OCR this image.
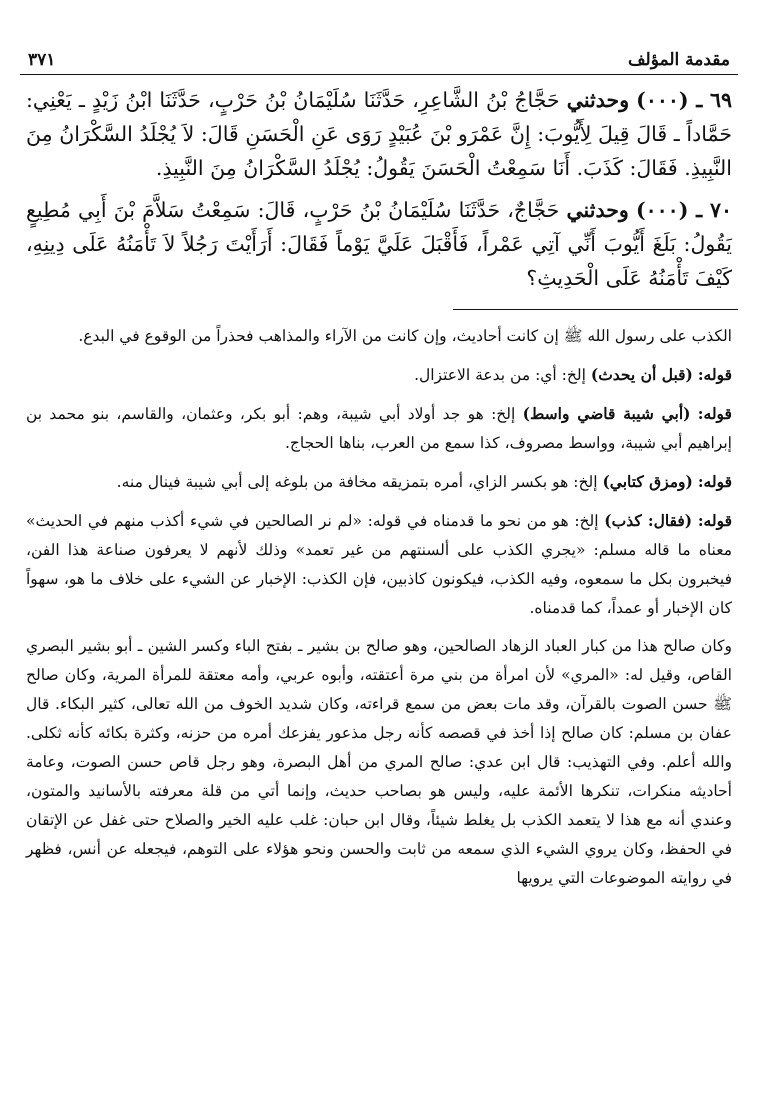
مقدمة المؤلف
٣٧١

٦٩ ـ (٠٠٠) وحدثني حَجَّاجُ بْنُ الشَّاعِرِ، حَدَّثَنَا سُلَيْمَانُ بْنُ حَرْبٍ، حَدَّثَنَا ابْنُ زَيْدٍ ـ يَعْنِي: حَمَّاداً ـ قَالَ قِيلَ لِأَيُّوبَ: إِنَّ عَمْرَو بْنَ عُبَيْدٍ رَوَى عَنِ الْحَسَنِ قَالَ: لاَ يُجْلَدُ السَّكْرَانُ مِنَ النَّبِيذِ. فَقَالَ: كَذَبَ. أَنَا سَمِعْتُ الْحَسَنَ يَقُولُ: يُجْلَدُ السَّكْرَانُ مِنَ النَّبِيذِ.

٧٠ ـ (٠٠٠) وحدثني حَجَّاجٌ، حَدَّثَنَا سُلَيْمَانُ بْنُ حَرْبٍ، قَالَ: سَمِعْتُ سَلاَّمَ بْنَ أَبِي مُطِيعٍ يَقُولُ: بَلَغَ أَيُّوبَ أَنِّي آتِي عَمْراً، فَأَقْبَلَ عَلَيَّ يَوْماً فَقَالَ: أَرَأَيْتَ رَجُلاً لاَ تَأْمَنُهُ عَلَى دِينِهِ، كَيْفَ تَأْمَنُهُ عَلَى الْحَدِيثِ؟

الكذب على رسول الله ﷺ إن كانت أحاديث، وإن كانت من الآراء والمذاهب فحذراً من الوقوع في البدع.

قوله: (قبل أن يحدث) إلخ: أي: من بدعة الاعتزال.

قوله: (أبي شيبة قاضي واسط) إلخ: هو جد أولاد أبي شيبة، وهم: أبو بكر، وعثمان، والقاسم، بنو محمد بن إبراهيم أبي شيبة، وواسط مصروف، كذا سمع من العرب، بناها الحجاج.

قوله: (ومزق كتابي) إلخ: هو بكسر الزاي، أمره بتمزيقه مخافة من بلوغه إلى أبي شيبة فينال منه.

قوله: (فقال: كذب) إلخ: هو من نحو ما قدمناه في قوله: «لم نر الصالحين في شيء أكذب منهم في الحديث» معناه ما قاله مسلم: «يجري الكذب على ألسنتهم من غير تعمد» وذلك لأنهم لا يعرفون صناعة هذا الفن، فيخبرون بكل ما سمعوه، وفيه الكذب، فيكونون كاذبين، فإن الكذب: الإخبار عن الشيء على خلاف ما هو، سهواً كان الإخبار أو عمداً، كما قدمناه.

وكان صالح هذا من كبار العباد الزهاد الصالحين، وهو صالح بن بشير ـ بفتح الباء وكسر الشين ـ أبو بشير البصري القاص، وقيل له: «المري» لأن امرأة من بني مرة أعتقته، وأبوه عربي، وأمه معتقة للمرأة المرية، وكان صالح ﷺ حسن الصوت بالقرآن، وقد مات بعض من سمع قراءته، وكان شديد الخوف من الله تعالى، كثير البكاء. قال عفان بن مسلم: كان صالح إذا أخذ في قصصه كأنه رجل مذعور يفزعك أمره من حزنه، وكثرة بكائه كأنه ثكلى. والله أعلم. وفي التهذيب: قال ابن عدي: صالح المري من أهل البصرة، وهو رجل قاص حسن الصوت، وعامة أحاديثه منكرات، تنكرها الأئمة عليه، وليس هو بصاحب حديث، وإنما أتي من قلة معرفته بالأسانيد والمتون، وعندي أنه مع هذا لا يتعمد الكذب بل يغلط شيئاً، وقال ابن حبان: غلب عليه الخير والصلاح حتى غفل عن الإتقان في الحفظ، وكان يروي الشيء الذي سمعه من ثابت والحسن ونحو هؤلاء على التوهم، فيجعله عن أنس، فظهر في روايته الموضوعات التي يرويها
